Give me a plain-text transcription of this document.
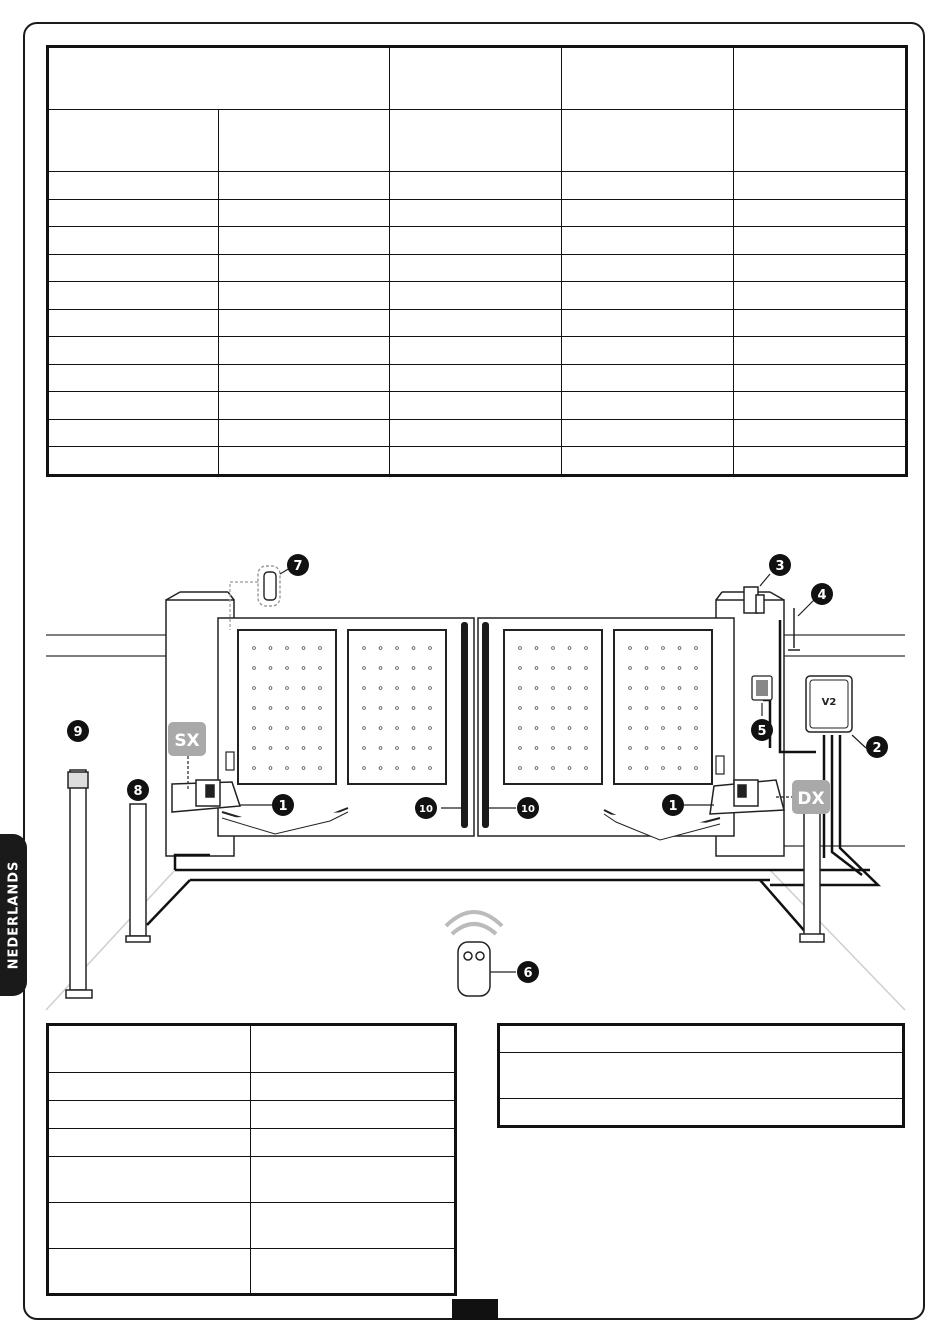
V2
SX
DX
1	1
2
3
4
5
6
7
8
9
10	10

NEDERLANDS
